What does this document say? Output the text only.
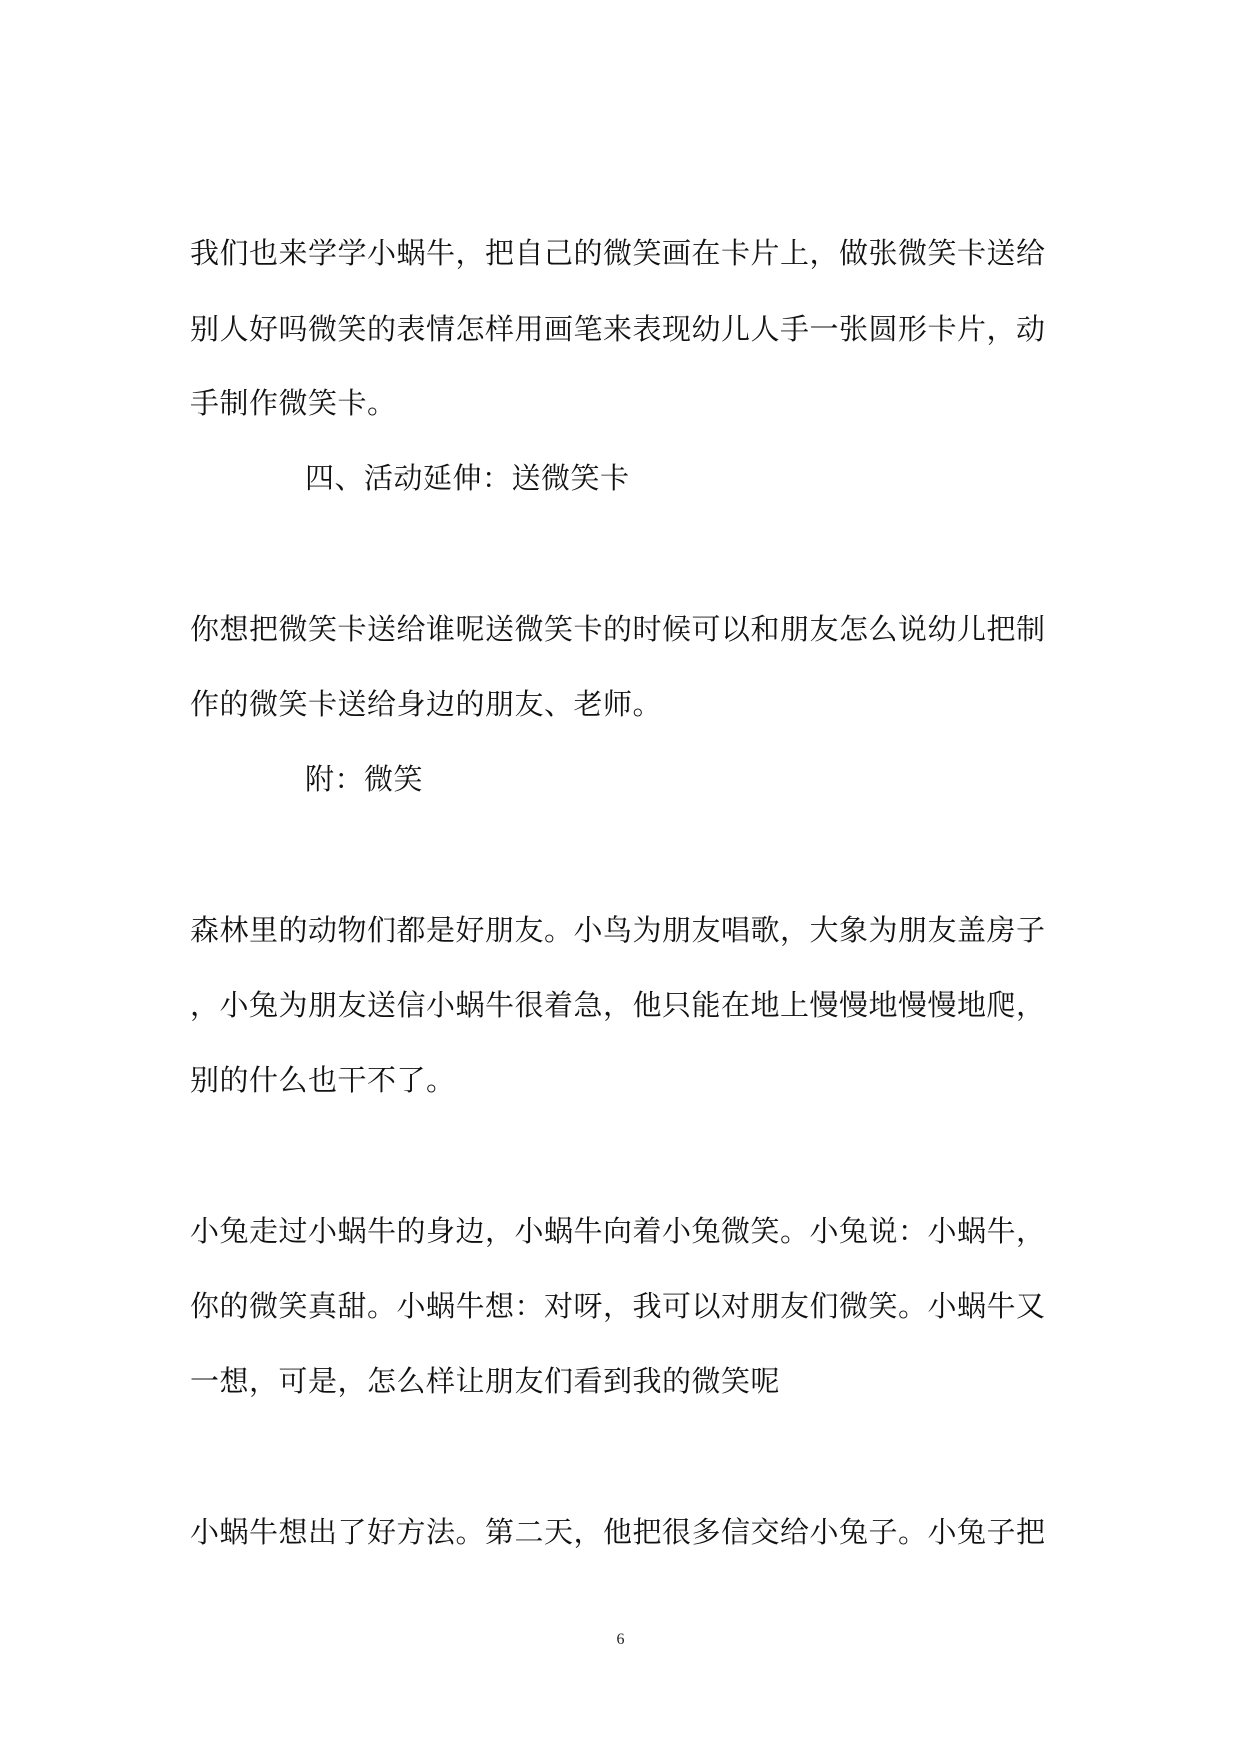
我们也来学学小蜗牛，把自己的微笑画在卡片上，做张微笑卡送给
别人好吗微笑的表情怎样用画笔来表现幼儿人手一张圆形卡片，动
手制作微笑卡。
四、活动延伸：送微笑卡
你想把微笑卡送给谁呢送微笑卡的时候可以和朋友怎么说幼儿把制
作的微笑卡送给身边的朋友、老师。
附：微笑
森林里的动物们都是好朋友。小鸟为朋友唱歌，大象为朋友盖房子
，小兔为朋友送信小蜗牛很着急，他只能在地上慢慢地慢慢地爬，
别的什么也干不了。
小兔走过小蜗牛的身边，小蜗牛向着小兔微笑。小兔说：小蜗牛，
你的微笑真甜。小蜗牛想：对呀，我可以对朋友们微笑。小蜗牛又
一想，可是，怎么样让朋友们看到我的微笑呢
小蜗牛想出了好方法。第二天，他把很多信交给小兔子。小兔子把
6
